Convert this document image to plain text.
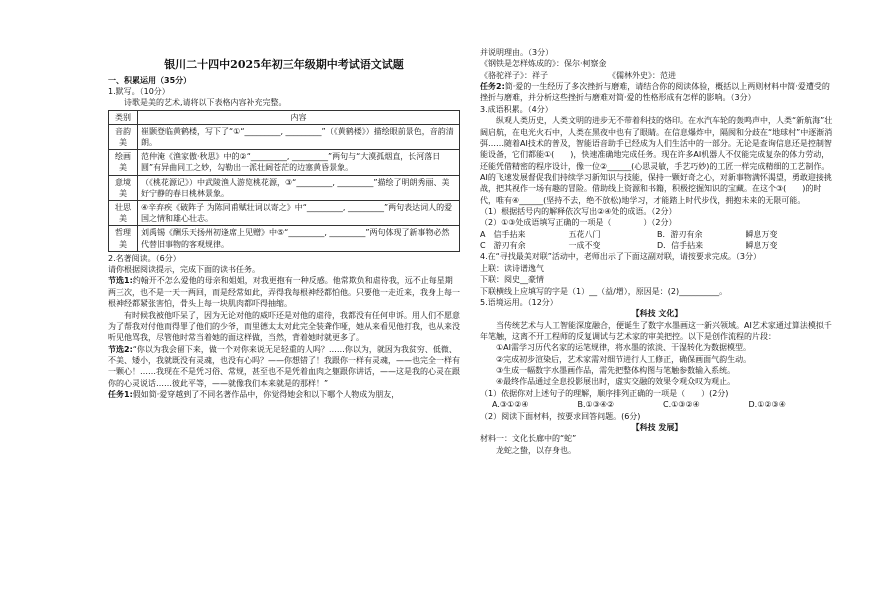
银川二十四中2025年初三年级期中考试语文试题

一、积累运用（35分）

1.默写。（10分）

诗歌是美的艺术,请将以下表格内容补充完整。

类别	内容
音韵美	崔颢登临黄鹤楼，写下了“①“_________, _________”（《黄鹤楼》）描绘眼前景色，音韵清朗。
绘画美	范仲淹《渔家傲·秋思》中的②“_________, _________”两句与“大漠孤烟直，长河落日圆”有异曲同工之妙，勾勒出一派壮阔苍茫的边塞黄昏景象。
意境美	（《桃花源记》）中武陵渔人游览桃花源，③“_________, _________”描绘了明朗秀丽、美好宁静的春日桃林景象。
壮思美	④辛弃疾《破阵子 为陈同甫赋壮词以寄之》中“_________, _________”两句表达词人的爱国之情和雄心壮志。
哲理美	刘禹锡《酬乐天扬州初逢席上见赠》中⑤“_________, _________”两句体现了新事物必然代替旧事物的客观规律。

2.名著阅读。（6分）

请你根据阅读提示，完成下面的读书任务。

节选1:约翰开不怎么爱他的母亲和姐姐，对我更抱有一种反感。他常欺负和虐待我，远不止每星期两三次，也不是一天一两回，而是经常如此，弄得我每根神经都怕他。只要他一走近来，我身上每一根神经都紧张害怕，骨头上每一块肌肉都吓得抽缩。

有时候我被他吓呆了，因为无论对他的威吓还是对他的虐待，我都没有任何申诉。用人们不愿意为了帮我对付他而得罪了他们的少爷，而里德太太对此完全装聋作哑，她从来看见他打我，也从来没听见他骂我，尽管他时常当着她的面这样做，当然，背着她时就更多了。

节选2:“你以为我会留下来，做一个对你来说无足轻重的人吗？……你以为，就因为我贫穷、低微、不美、矮小，我就既没有灵魂，也没有心吗？——你想错了！我跟你一样有灵魂，——也完全一样有一颗心！……我现在不是凭习俗、常规，甚至也不是凭着血肉之躯跟你讲话，——这是我的心灵在跟你的心灵说话……彼此平等，——就像我们本来就是的那样！”

任务1:假如简·爱穿越到了不同名著作品中，你觉得她会和以下哪个人物成为朋友，

并说明理由。（3分）

《钢铁是怎样炼成的》：保尔·柯察金

《骆驼祥子》：祥子	《儒林外史》：范进

任务2:简·爱的一生经历了多次挫折与磨难，请结合你的阅读体验，概括以上两则材料中简·爱遭受的挫折与磨难，并分析这些挫折与磨难对简·爱的性格形成有怎样的影响。（3分）

3.成语积累。（4分）

纵观人类历史，人类文明的进步无不带着科技的烙印。在水汽车轮的轰鸣声中，人类“新航海”壮阔启航，在电光火石中，人类在黑夜中也有了眼睛。在信息爆炸中，隔阂和分歧在“地球村”中逐渐消弭……随着AI技术的普及，智能语音助手已经成为人们生活中的一部分。无论是查询信息还是控制智能设备，它们都能①(　　)，快速准确地完成任务。现在许多AI机器人不仅能完成复杂的体力劳动，还能凭借精密的程序设计，像一位②______(心思灵敏，手艺巧妙)的工匠一样完成精细的工艺制作。AI的飞速发展督促我们持续学习新知识与技能，保持一颗好奇之心，对新事物满怀渴望，勇敢迎接挑战，把其视作一场有趣的冒险。借助线上资源和书籍，积极挖掘知识的宝藏。在这个③(　　)的时代，唯有④______(坚持不去，绝不放松)地学习，才能踏上时代步伐，拥抱未来的无限可能。

（1）根据括号内的解释依次写出②④处的成语。（2分）

（2）①③处成语填写正确的一项是（　　　　）（2分）

A　信手拈来	五花八门	B．游刃有余	瞬息万变
C　游刃有余	一成不变	D．信手拈来	瞬息万变

4.在“寻找最美对联”活动中，老师出示了下面这副对联，请按要求完成。（3分）

上联：读诗谱逸气

下联：阅史__豪情

下联横线上应填写的字是（1）__（益/增），原因是：(2)__________。

5.语境运用。（12分）

【科技 文化】

当传统艺术与人工智能深度融合，便诞生了数字水墨画这一新兴领域。AI艺术家通过算法模拟千年笔触，这离不开工程师的反复调试与艺术家的审美把控。以下是创作流程的片段：

①AI需学习历代名家的运笔规律，将水墨的浓淡、干湿转化为数据模型。

②完成初步渲染后，艺术家需对细节进行人工修正，确保画面气韵生动。

③生成一幅数字水墨画作品，需先把整体构图与笔触参数输入系统。

④最终作品通过全息投影展出时，虚实交融的效果令观众叹为观止。

（1）依据你对上述句子的理解，顺序排列正确的一项是（　　）(2分)

A.③①②④	B.①③④②	C.①③②④	D.①②③④

（2）阅读下面材料，按要求回答问题。(6分)

【科技 发展】

材料一：文化长廊中的“蛇”

龙蛇之蛰，以存身也。
